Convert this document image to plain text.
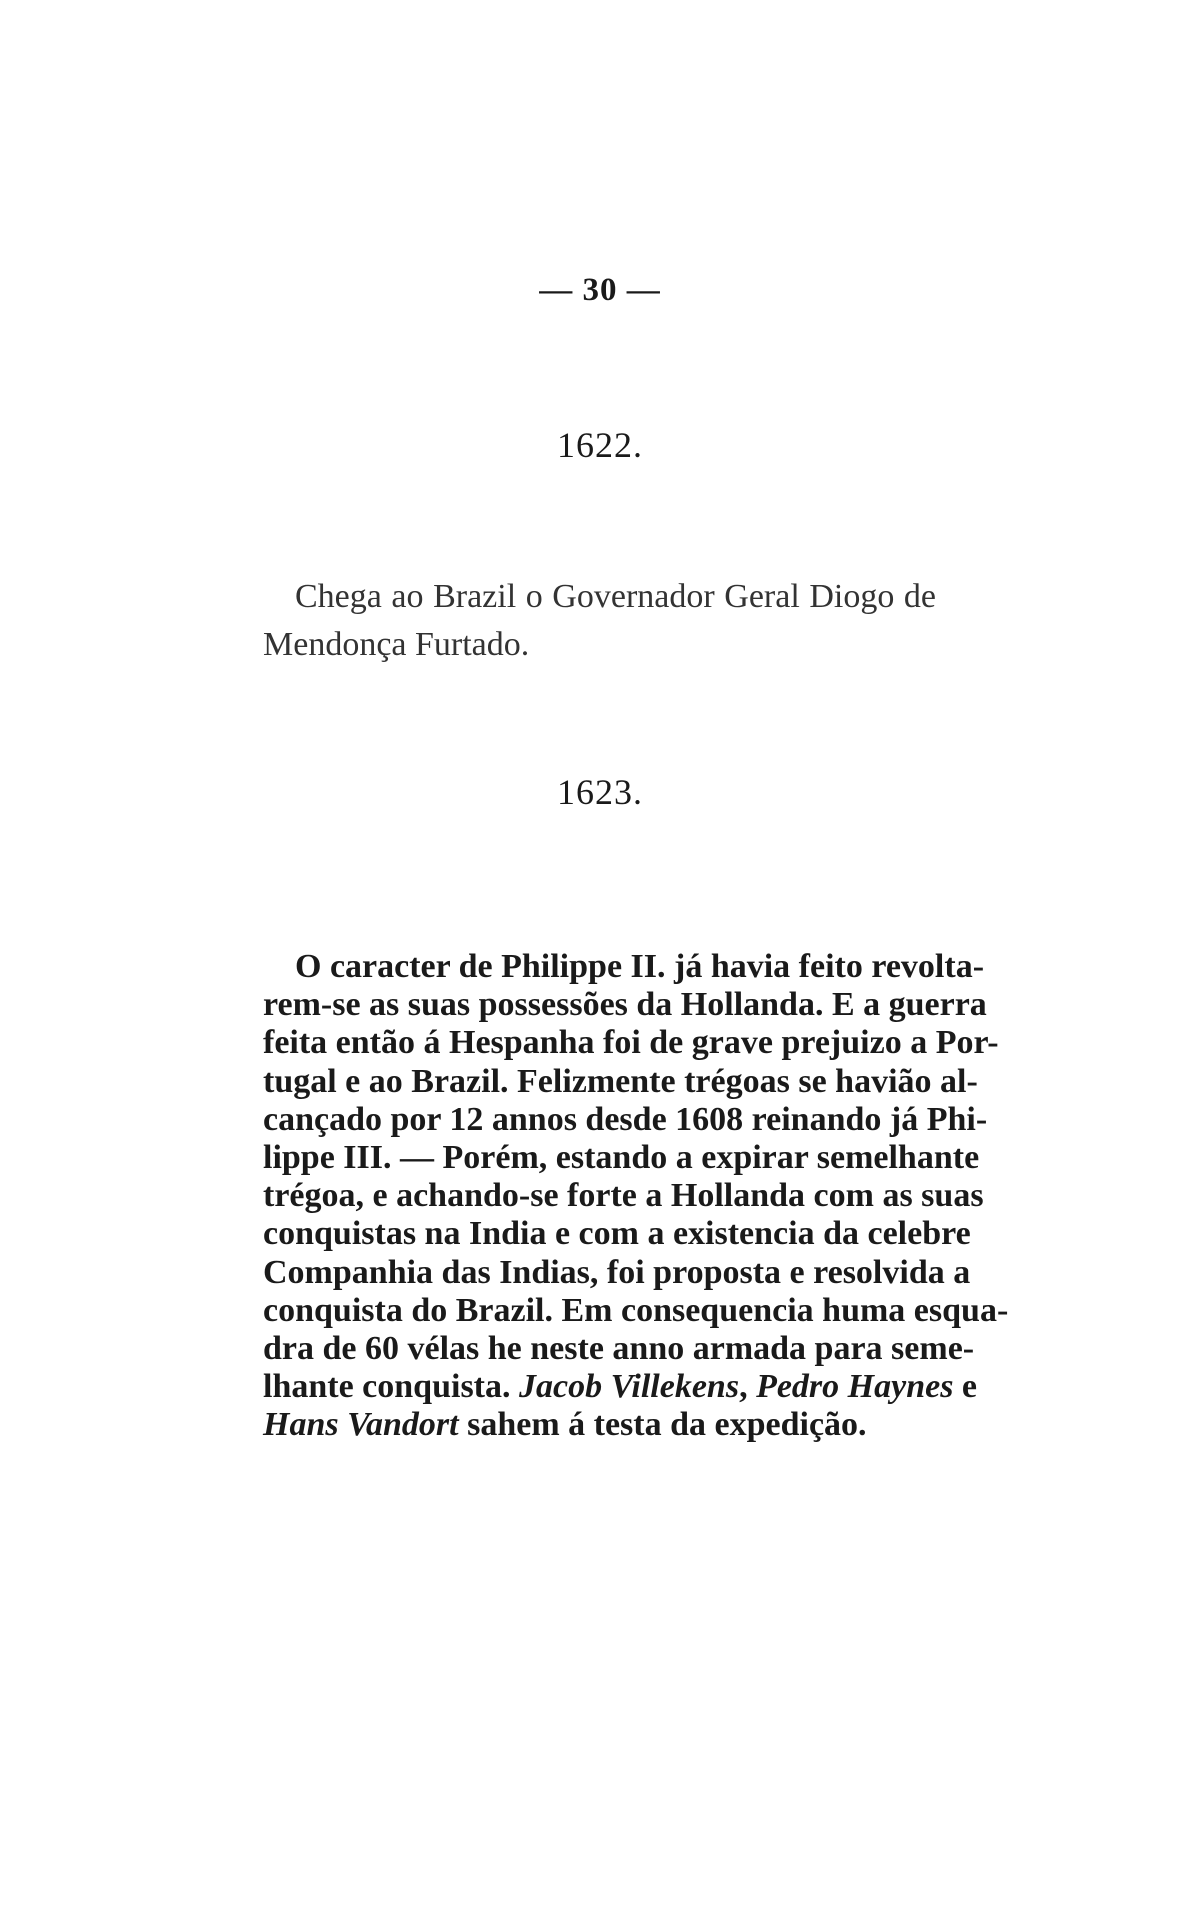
— 30 —
1622.
Chega ao Brazil o Governador Geral Diogo de
Mendonça Furtado.
1623.
O caracter de Philippe II. já havia feito revolta-
rem-se as suas possessões da Hollanda. E a guerra
feita então á Hespanha foi de grave prejuizo a Por-
tugal e ao Brazil. Felizmente trégoas se havião al-
cançado por 12 annos desde 1608 reinando já Phi-
lippe III. — Porém, estando a expirar semelhante
trégoa, e achando-se forte a Hollanda com as suas
conquistas na India e com a existencia da celebre
Companhia das Indias, foi proposta e resolvida a
conquista do Brazil. Em consequencia huma esqua-
dra de 60 vélas he neste anno armada para seme-
lhante conquista. Jacob Villekens, Pedro Haynes e
Hans Vandort sahem á testa da expedição.
